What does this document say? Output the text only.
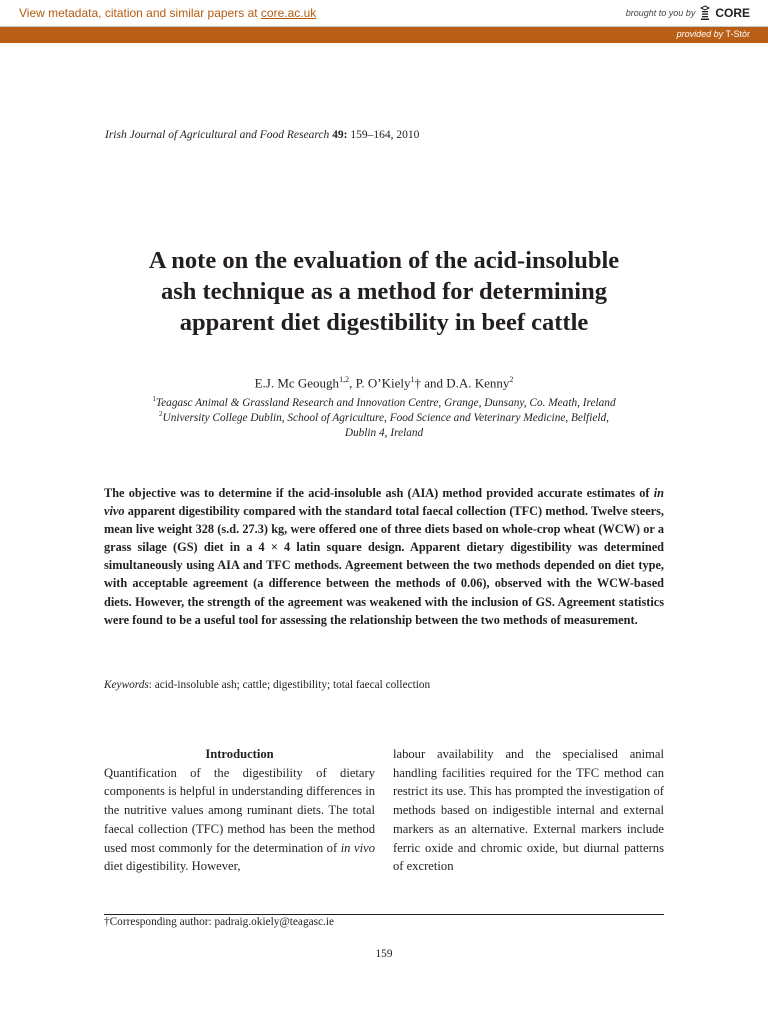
View metadata, citation and similar papers at core.ac.uk	brought to you by CORE
provided by T-Stór
Irish Journal of Agricultural and Food Research 49: 159–164, 2010
A note on the evaluation of the acid-insoluble
ash technique as a method for determining
apparent diet digestibility in beef cattle
E.J. Mc Geough$^{1,2}$, P. O’Kiely$^1$† and D.A. Kenny$^2$
$^1$Teagasc Animal & Grassland Research and Innovation Centre, Grange, Dunsany, Co. Meath, Ireland
$^2$University College Dublin, School of Agriculture, Food Science and Veterinary Medicine, Belfield,
Dublin 4, Ireland
The objective was to determine if the acid-insoluble ash (AIA) method provided accurate estimates of in vivo apparent digestibility compared with the standard total faecal collection (TFC) method. Twelve steers, mean live weight 328 (s.d. 27.3) kg, were offered one of three diets based on whole-crop wheat (WCW) or a grass silage (GS) diet in a 4 × 4 latin square design. Apparent dietary digestibility was determined simultaneously using AIA and TFC methods. Agreement between the two methods depended on diet type, with acceptable agreement (a difference between the methods of 0.06), observed with the WCW-based diets. However, the strength of the agreement was weakened with the inclusion of GS. Agreement statistics were found to be a useful tool for assessing the relationship between the two methods of measurement.
Keywords: acid-insoluble ash; cattle; digestibility; total faecal collection
Introduction
Quantification of the digestibility of dietary components is helpful in understanding differences in the nutritive values among ruminant diets. The total faecal collection (TFC) method has been the method used most commonly for the determination of in vivo diet digestibility. However,
labour availability and the specialised animal handling facilities required for the TFC method can restrict its use. This has prompted the investigation of methods based on indigestible internal and external markers as an alternative. External markers include ferric oxide and chromic oxide, but diurnal patterns of excretion
†Corresponding author: padraig.okiely@teagasc.ie
159
